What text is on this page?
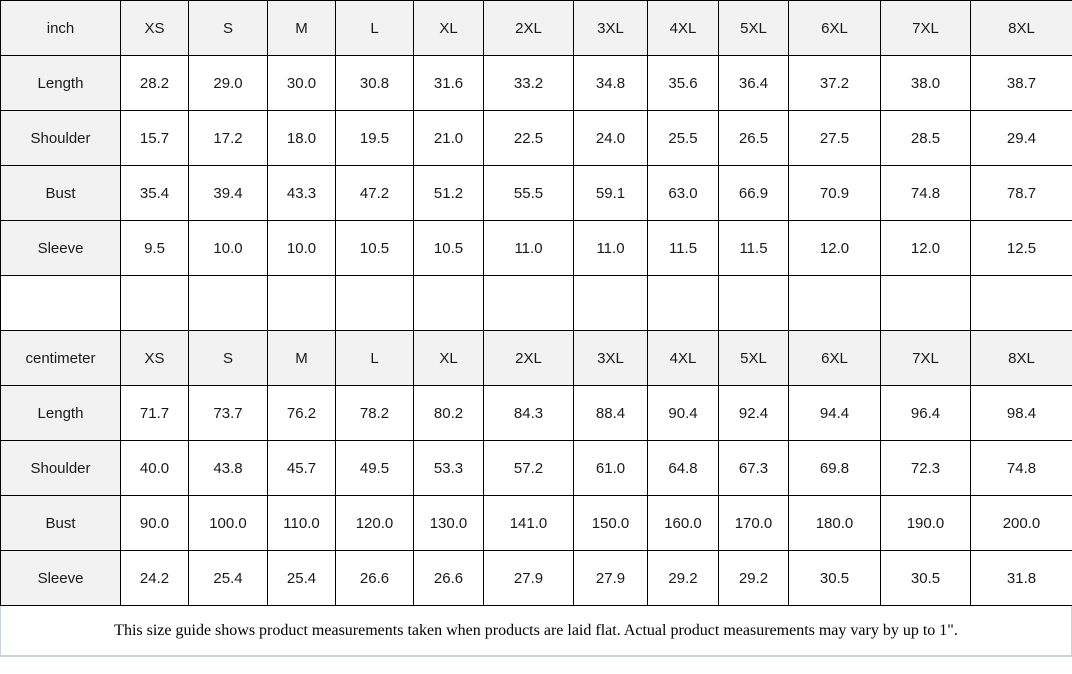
inch	XS	S	M	L	XL	2XL	3XL	4XL	5XL	6XL	7XL	8XL
Length	28.2	29.0	30.0	30.8	31.6	33.2	34.8	35.6	36.4	37.2	38.0	38.7
Shoulder	15.7	17.2	18.0	19.5	21.0	22.5	24.0	25.5	26.5	27.5	28.5	29.4
Bust	35.4	39.4	43.3	47.2	51.2	55.5	59.1	63.0	66.9	70.9	74.8	78.7
Sleeve	9.5	10.0	10.0	10.5	10.5	11.0	11.0	11.5	11.5	12.0	12.0	12.5

centimeter	XS	S	M	L	XL	2XL	3XL	4XL	5XL	6XL	7XL	8XL
Length	71.7	73.7	76.2	78.2	80.2	84.3	88.4	90.4	92.4	94.4	96.4	98.4
Shoulder	40.0	43.8	45.7	49.5	53.3	57.2	61.0	64.8	67.3	69.8	72.3	74.8
Bust	90.0	100.0	110.0	120.0	130.0	141.0	150.0	160.0	170.0	180.0	190.0	200.0
Sleeve	24.2	25.4	25.4	26.6	26.6	27.9	27.9	29.2	29.2	30.5	30.5	31.8
This size guide shows product measurements taken when products are laid flat. Actual product measurements may vary by up to 1".
